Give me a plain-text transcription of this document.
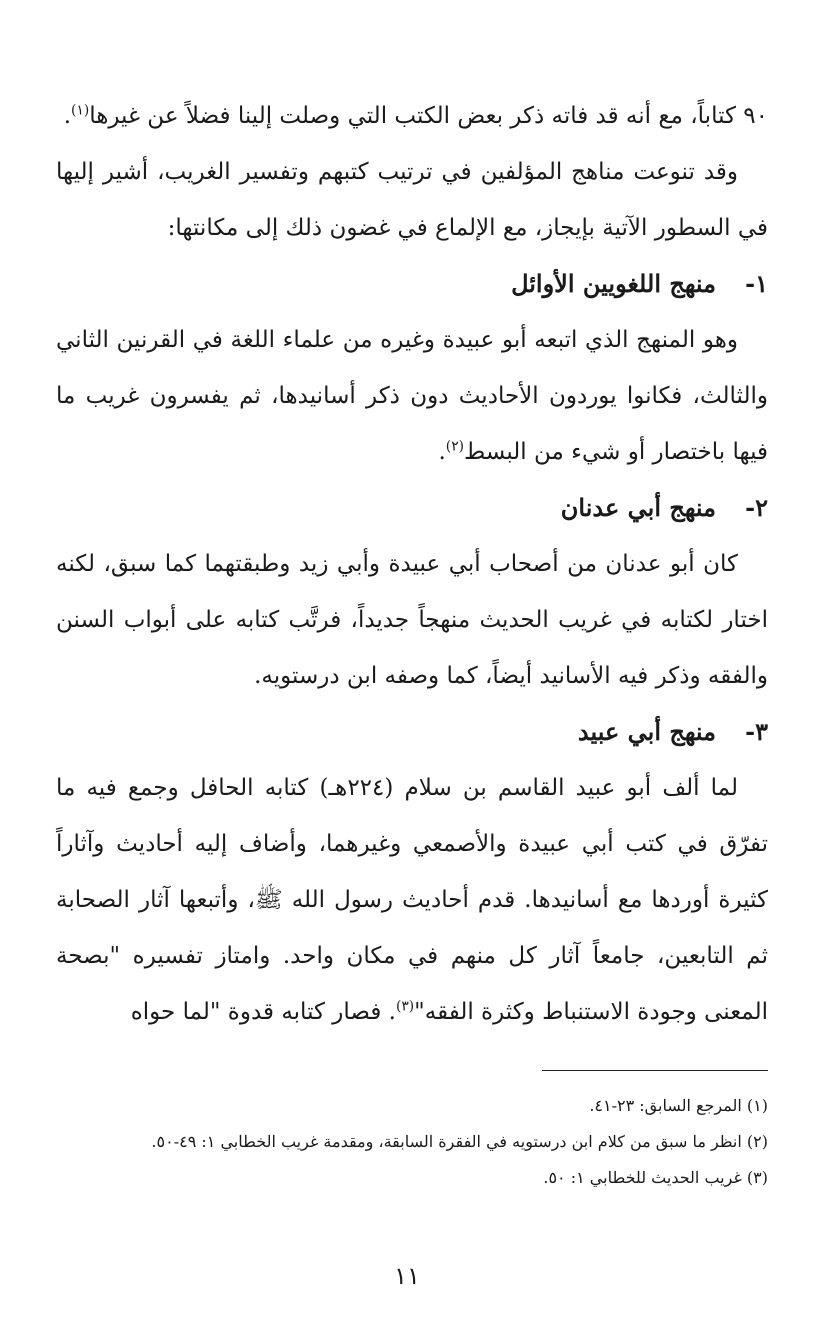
٩٠ كتاباً، مع أنه قد فاته ذكر بعض الكتب التي وصلت إلينا فضلاً عن غيرها$^{(١)}$.

وقد تنوعت مناهج المؤلفين في ترتيب كتبهم وتفسير الغريب، أشير إليها في السطور الآتية بإيجاز، مع الإلماع في غضون ذلك إلى مكانتها:

١-منهج اللغويين الأوائل

وهو المنهج الذي اتبعه أبو عبيدة وغيره من علماء اللغة في القرنين الثاني والثالث، فكانوا يوردون الأحاديث دون ذكر أسانيدها، ثم يفسرون غريب ما فيها باختصار أو شيء من البسط$^{(٢)}$.

٢-منهج أبي عدنان

كان أبو عدنان من أصحاب أبي عبيدة وأبي زيد وطبقتهما كما سبق، لكنه اختار لكتابه في غريب الحديث منهجاً جديداً، فرتَّب كتابه على أبواب السنن والفقه وذكر فيه الأسانيد أيضاً، كما وصفه ابن درستويه.

٣-منهج أبي عبيد

لما ألف أبو عبيد القاسم بن سلام (٢٢٤هـ) كتابه الحافل وجمع فيه ما تفرّق في كتب أبي عبيدة والأصمعي وغيرهما، وأضاف إليه أحاديث وآثاراً كثيرة أوردها مع أسانيدها. قدم أحاديث رسول الله ﷺ، وأتبعها آثار الصحابة ثم التابعين، جامعاً آثار كل منهم في مكان واحد. وامتاز تفسيره "بصحة المعنى وجودة الاستنباط وكثرة الفقه"$^{(٣)}$. فصار كتابه قدوة "لما حواه

(١) المرجع السابق: ٢٣-٤١.

(٢) انظر ما سبق من كلام ابن درستويه في الفقرة السابقة، ومقدمة غريب الخطابي ١: ٤٩-٥٠.

(٣) غريب الحديث للخطابي ١: ٥٠.

١١
